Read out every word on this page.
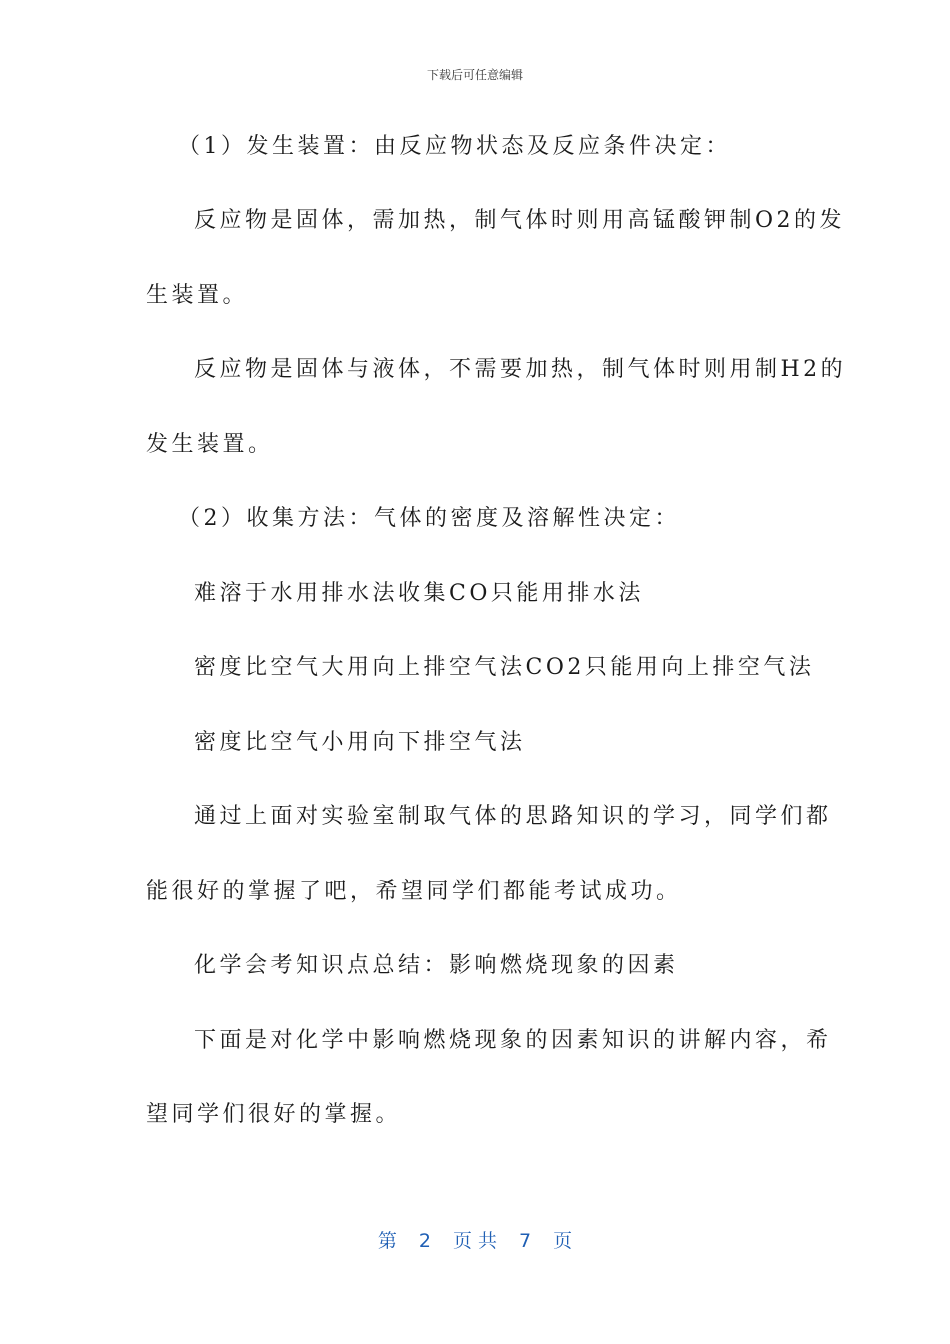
下载后可任意编辑
（1）发生装置：由反应物状态及反应条件决定：
反应物是固体，需加热，制气体时则用高锰酸钾制O2的发
生装置。
反应物是固体与液体，不需要加热，制气体时则用制H2的
发生装置。
（2）收集方法：气体的密度及溶解性决定：
难溶于水用排水法收集CO只能用排水法
密度比空气大用向上排空气法CO2只能用向上排空气法
密度比空气小用向下排空气法
通过上面对实验室制取气体的思路知识的学习，同学们都
能很好的掌握了吧，希望同学们都能考试成功。
化学会考知识点总结：影响燃烧现象的因素
下面是对化学中影响燃烧现象的因素知识的讲解内容，希
望同学们很好的掌握。
第 2 页 共 7 页
